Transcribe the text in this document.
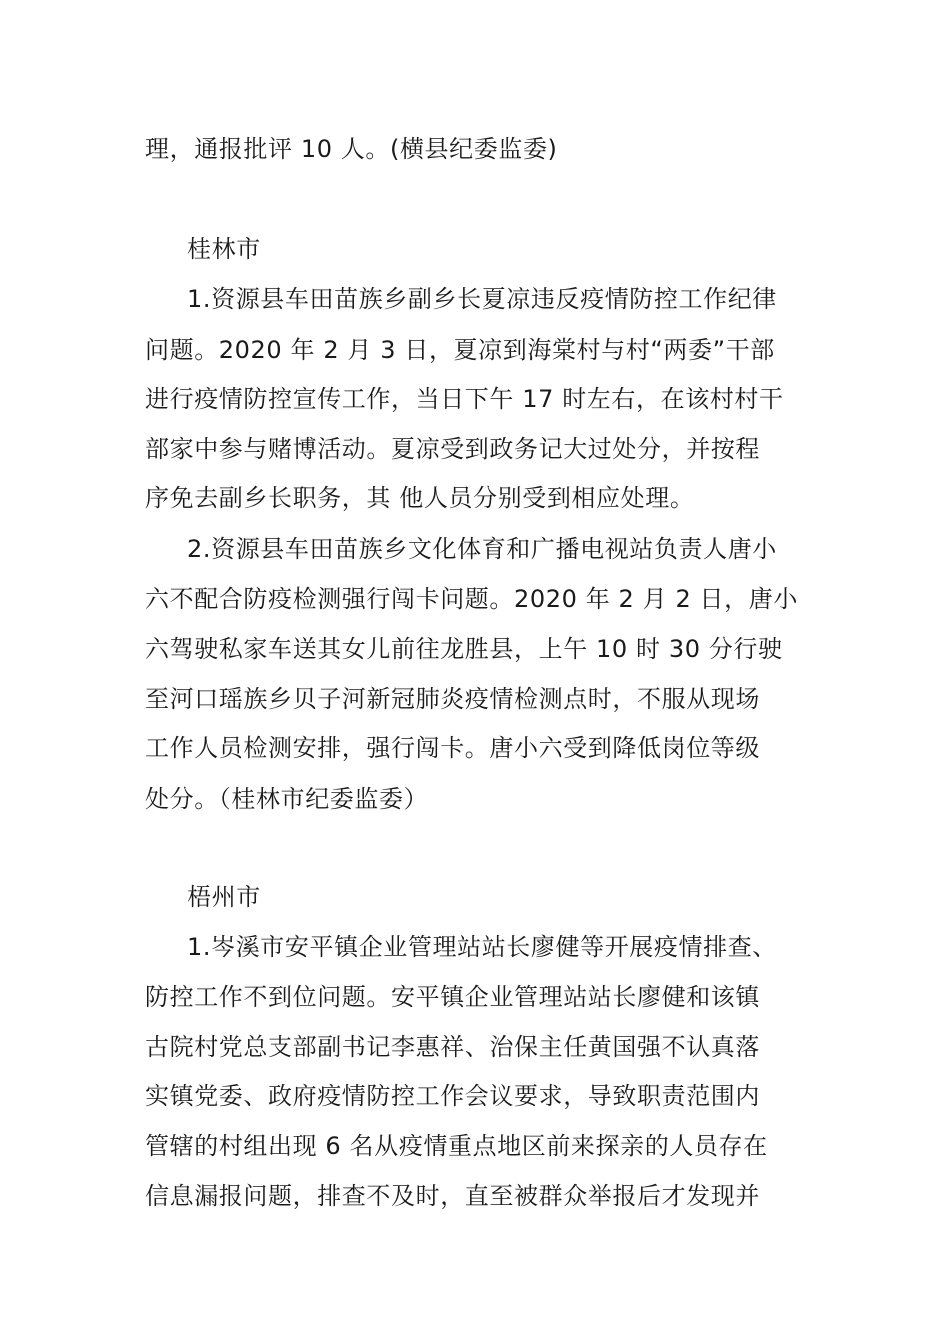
理，通报批评 10 人。(横县纪委监委)
桂林市
1.资源县车田苗族乡副乡长夏凉违反疫情防控工作纪律
问题。2020 年 2 月 3 日，夏凉到海棠村与村“两委”干部
进行疫情防控宣传工作，当日下午 17 时左右，在该村村干
部家中参与赌博活动。夏凉受到政务记大过处分，并按程
序免去副乡长职务，其 他人员分别受到相应处理。
2.资源县车田苗族乡文化体育和广播电视站负责人唐小
六不配合防疫检测强行闯卡问题。2020 年 2 月 2 日，唐小
六驾驶私家车送其女儿前往龙胜县，上午 10 时 30 分行驶
至河口瑶族乡贝子河新冠肺炎疫情检测点时，不服从现场
工作人员检测安排，强行闯卡。唐小六受到降低岗位等级
处分。（桂林市纪委监委）
梧州市
1.岑溪市安平镇企业管理站站长廖健等开展疫情排查、
防控工作不到位问题。安平镇企业管理站站长廖健和该镇
古院村党总支部副书记李惠祥、治保主任黄国强不认真落
实镇党委、政府疫情防控工作会议要求，导致职责范围内
管辖的村组出现 6 名从疫情重点地区前来探亲的人员存在
信息漏报问题，排查不及时，直至被群众举报后才发现并
